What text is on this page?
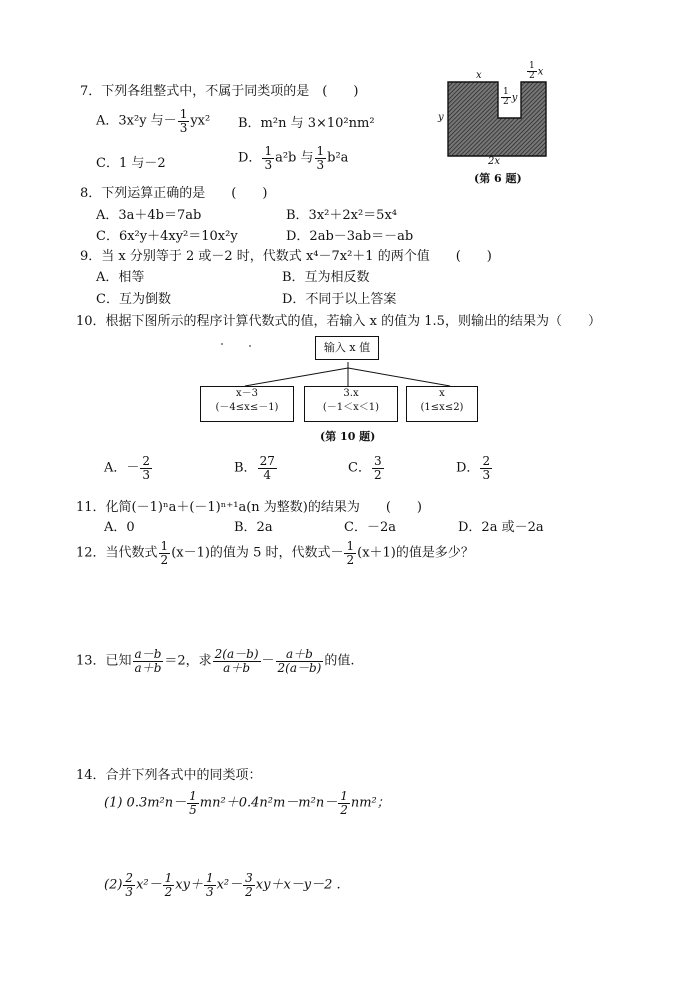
7．下列各组整式中，不属于同类项的是　(　　)
A．3x²y 与－ $\frac{1}{3} yx^2$ B．m²n 与 3×10²nm²
C．1 与－2	D． $\frac{1}{3} a^2b$ 与 $\frac{1}{3} b^2a$
x	$\frac{1}{2}$ x
$\frac{1}{2}$ y
y
2x
(第 6 题)
8．下列运算正确的是　　(　　)
A．3a＋4b＝7ab	B．3x²＋2x²＝5x⁴
C．6x²y＋4xy²＝10x²y	D．2ab－3ab＝－ab
9．当 x 分别等于 2 或－2 时，代数式 x⁴－7x²＋1 的两个值　　(　　)
A．相等	B．互为相反数
C．互为倒数	D．不同于以上答案
10．根据下图所示的程序计算代数式的值，若输入 x 的值为 1.5，则输出的结果为（　　）
输入 x 值
x－3
(－4≤x≤－1)
3.x
(－1＜x＜1)
x
(1≤x≤2)
(第 10 题)
A．－ $\frac{2}{3}$	B． $\frac{27}{4}$	C． $\frac{3}{2}$	D． $\frac{2}{3}$
11．化简(－1)ⁿa＋(－1)ⁿ⁺¹a(n 为整数)的结果为　　(　　)
A．0	B．2a	C．－2a	D．2a 或－2a
12．当代数式 $\frac{1}{2} (x-1)$的值为 5 时，代数式－ $\frac{1}{2} (x+1)$的值是多少？
13．已知 $\frac{a-b}{a+b} =2$，求 $\frac{2(a-b)}{a+b} - \frac{a+b}{2(a-b)}$ 的值.
14．合并下列各式中的同类项：
(1) $0.3m^2n- \frac{1}{5} mn^2+0.4n^2m-m^2n- \frac{1}{2} nm^2$；
$(2) \frac{2}{3} x^2- \frac{1}{2} xy+ \frac{1}{3} x^2- \frac{3}{2} xy+x-y-2$ .
